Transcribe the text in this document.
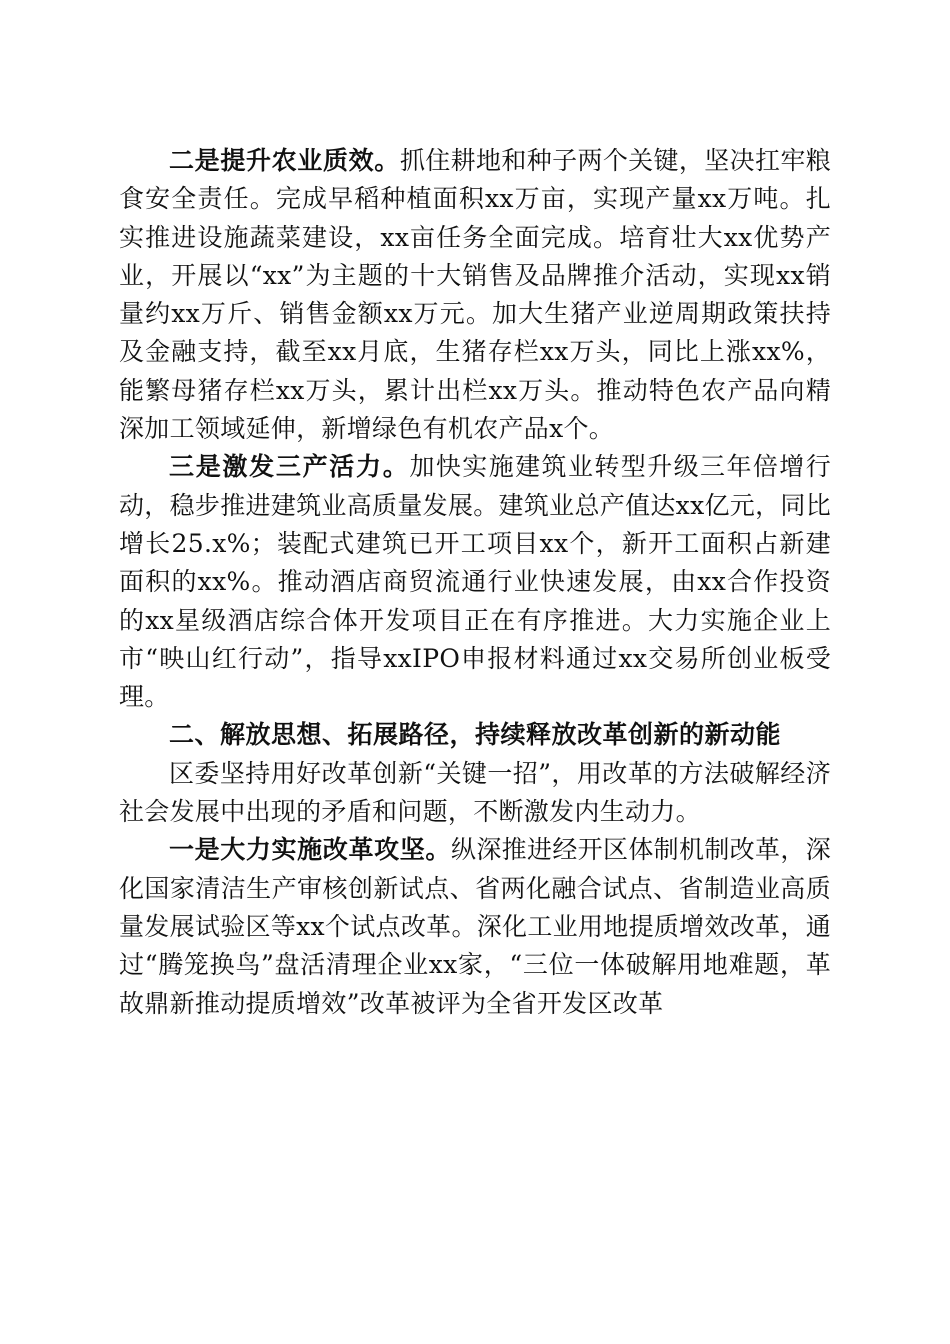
二是提升农业质效。抓住耕地和种子两个关键，坚决扛牢粮食安全责任。完成早稻种植面积xx万亩，实现产量xx万吨。扎实推进设施蔬菜建设，xx亩任务全面完成。培育壮大xx优势产业，开展以“xx”为主题的十大销售及品牌推介活动，实现xx销量约xx万斤、销售金额xx万元。加大生猪产业逆周期政策扶持及金融支持，截至xx月底，生猪存栏xx万头，同比上涨xx%，能繁母猪存栏xx万头，累计出栏xx万头。推动特色农产品向精深加工领域延伸，新增绿色有机农产品x个。

三是激发三产活力。加快实施建筑业转型升级三年倍增行动，稳步推进建筑业高质量发展。建筑业总产值达xx亿元，同比增长25.x%；装配式建筑已开工项目xx个，新开工面积占新建面积的xx%。推动酒店商贸流通行业快速发展，由xx合作投资的xx星级酒店综合体开发项目正在有序推进。大力实施企业上市“映山红行动”，指导xxIPO申报材料通过xx交易所创业板受理。

二、解放思想、拓展路径，持续释放改革创新的新动能

区委坚持用好改革创新“关键一招”，用改革的方法破解经济社会发展中出现的矛盾和问题，不断激发内生动力。

一是大力实施改革攻坚。纵深推进经开区体制机制改革，深化国家清洁生产审核创新试点、省两化融合试点、省制造业高质量发展试验区等xx个试点改革。深化工业用地提质增效改革，通过“腾笼换鸟”盘活清理企业xx家，“三位一体破解用地难题，革故鼎新推动提质增效”改革被评为全省开发区改革
